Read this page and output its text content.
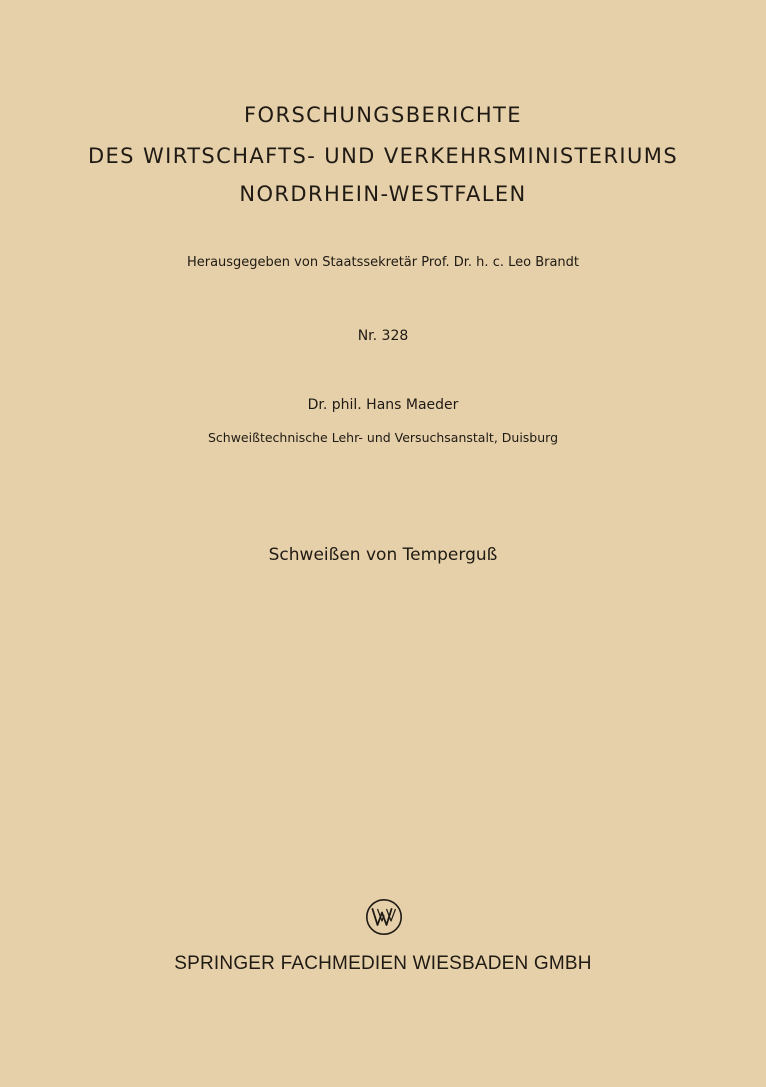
FORSCHUNGSBERICHTE
DES WIRTSCHAFTS- UND VERKEHRSMINISTERIUMS
NORDRHEIN-WESTFALEN
Herausgegeben von Staatssekretär Prof. Dr. h. c. Leo Brandt
Nr. 328
Dr. phil. Hans Maeder
Schweißtechnische Lehr- und Versuchsanstalt, Duisburg
Schweißen von Temperguß
SPRINGER FACHMEDIEN WIESBADEN GMBH
